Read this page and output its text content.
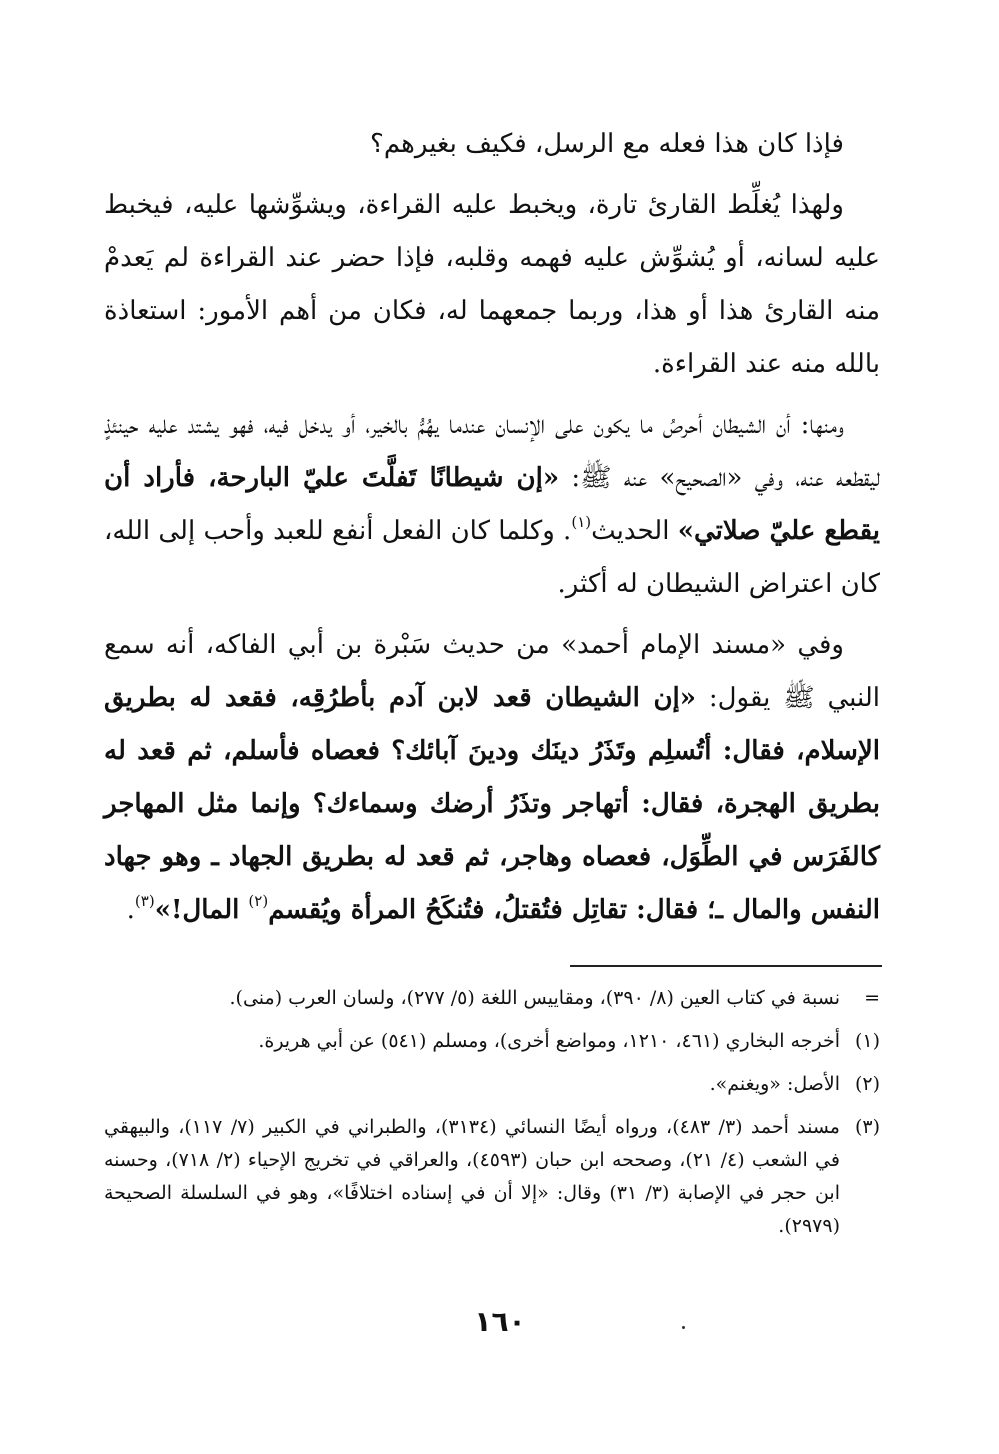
فإذا كان هذا فعله مع الرسل، فكيف بغيرهم؟

ولهذا يُغلِّط القارئ تارة، ويخبط عليه القراءة، ويشوِّشها عليه، فيخبط عليه لسانه، أو يُشوِّش عليه فهمه وقلبه، فإذا حضر عند القراءة لم يَعدمْ منه القارئ هذا أو هذا، وربما جمعهما له، فكان من أهم الأمور: استعاذة بالله منه عند القراءة.

ومنها: أن الشيطان أحرصُ ما يكون على الإنسان عندما يهُمُّ بالخير، أو يدخل فيه، فهو يشتد عليه حينئذٍ ليقطعه عنه، وفي «الصحيح» عنه ﷺ: «إن شيطانًا تَفلَّتَ عليّ البارحة، فأراد أن يقطع عليّ صلاتي» الحديث$^{(١)}$. وكلما كان الفعل أنفع للعبد وأحب إلى الله، كان اعتراض الشيطان له أكثر.

وفي «مسند الإمام أحمد» من حديث سَبْرة بن أبي الفاكه، أنه سمع النبي ﷺ يقول: «إن الشيطان قعد لابن آدم بأطرُقِه، فقعد له بطريق الإسلام، فقال: أتُسلِم وتَذَرُ دينَك ودينَ آبائك؟ فعصاه فأسلم، ثم قعد له بطريق الهجرة، فقال: أتهاجر وتذَرُ أرضك وسماءك؟ وإنما مثل المهاجر كالفَرَس في الطِّوَل، فعصاه وهاجر، ثم قعد له بطريق الجهاد ـ وهو جهاد النفس والمال ـ؛ فقال: تقاتِل فتُقتلُ، فتُنكَحُ المرأة ويُقسم$^{(٢)}$ المال!»$^{(٣)}$.

=
نسبة في كتاب العين (٨/ ٣٩٠)، ومقاييس اللغة (٥/ ٢٧٧)، ولسان العرب (منى).
(١)
أخرجه البخاري (٤٦١، ١٢١٠، ومواضع أخرى)، ومسلم (٥٤١) عن أبي هريرة.
(٢)
الأصل: «ويغنم».
(٣)
مسند أحمد (٣/ ٤٨٣)، ورواه أيضًا النسائي (٣١٣٤)، والطبراني في الكبير (٧/ ١١٧)، والبيهقي في الشعب (٤/ ٢١)، وصححه ابن حبان (٤٥٩٣)، والعراقي في تخريج الإحياء (٢/ ٧١٨)، وحسنه ابن حجر في الإصابة (٣/ ٣١) وقال: «إلا أن في إسناده اختلافًا»، وهو في السلسلة الصحيحة (٢٩٧٩).
١٦٠
